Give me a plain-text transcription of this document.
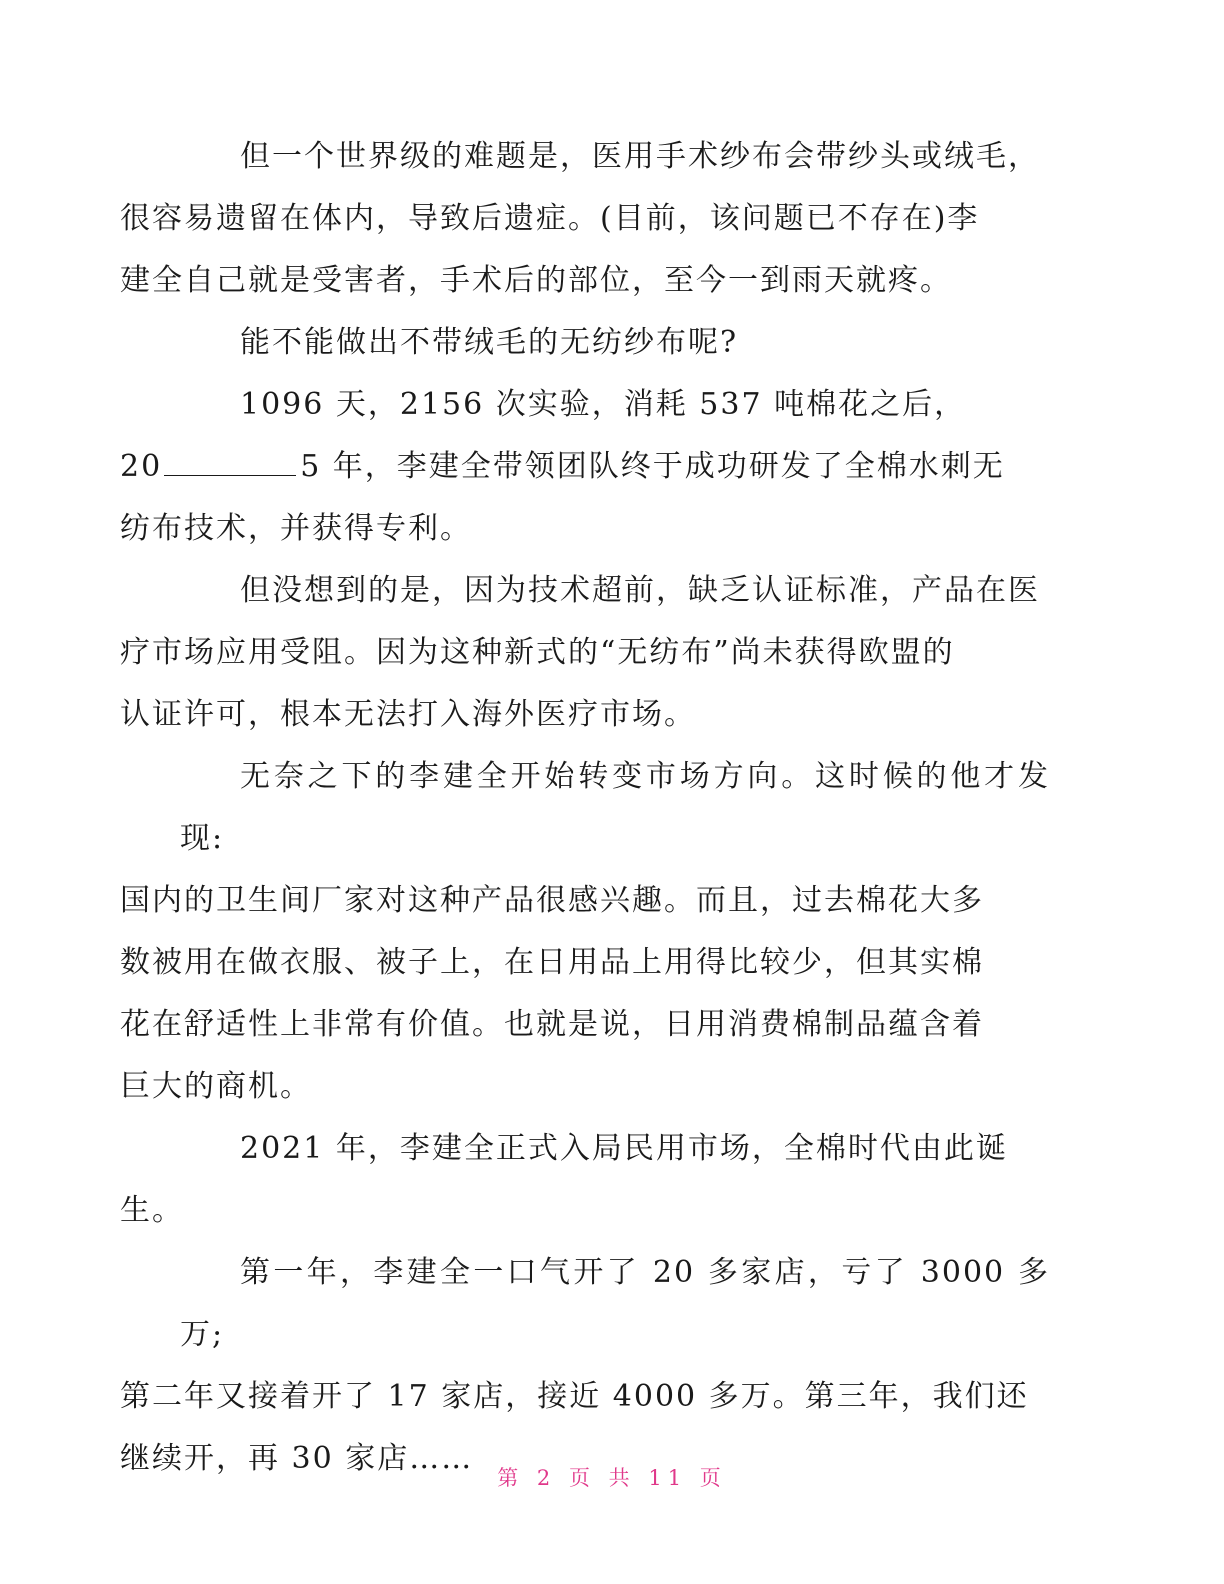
但一个世界级的难题是，医用手术纱布会带纱头或绒毛，
很容易遗留在体内，导致后遗症。(目前，该问题已不存在)李
建全自己就是受害者，手术后的部位，至今一到雨天就疼。

能不能做出不带绒毛的无纺纱布呢?

1096 天，2156 次实验，消耗 537 吨棉花之后，
20	5 年，李建全带领团队终于成功研发了全棉水刺无
纺布技术，并获得专利。

但没想到的是，因为技术超前，缺乏认证标准，产品在医
疗市场应用受阻。因为这种新式的“无纺布”尚未获得欧盟的
认证许可，根本无法打入海外医疗市场。

无奈之下的李建全开始转变市场方向。这时候的他才发现:
国内的卫生间厂家对这种产品很感兴趣。而且，过去棉花大多
数被用在做衣服、被子上，在日用品上用得比较少，但其实棉
花在舒适性上非常有价值。也就是说，日用消费棉制品蕴含着
巨大的商机。

2021 年，李建全正式入局民用市场，全棉时代由此诞
生。

第一年，李建全一口气开了 20 多家店，亏了 3000 多万;
第二年又接着开了 17 家店，接近 4000 多万。第三年，我们还
继续开，再 30 家店……

第 2 页 共 11 页
